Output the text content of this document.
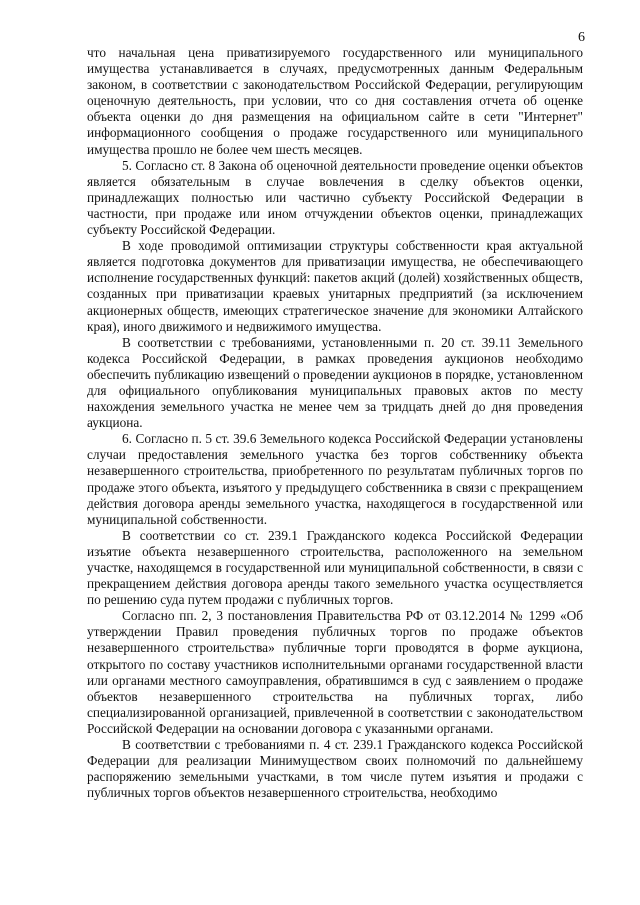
6

что начальная цена приватизируемого государственного или муниципального имущества устанавливается в случаях, предусмотренных данным Федеральным законом, в соответствии с законодательством Российской Федерации, регулирующим оценочную деятельность, при условии, что со дня составления отчета об оценке объекта оценки до дня размещения на официальном сайте в сети "Интернет" информационного сообщения о продаже государственного или муниципального имущества прошло не более чем шесть месяцев.

5. Согласно ст. 8 Закона об оценочной деятельности проведение оценки объектов является обязательным в случае вовлечения в сделку объектов оценки, принадлежащих полностью или частично субъекту Российской Федерации в частности, при продаже или ином отчуждении объектов оценки, принадлежащих субъекту Российской Федерации.

В ходе проводимой оптимизации структуры собственности края актуальной является подготовка документов для приватизации имущества, не обеспечивающего исполнение государственных функций: пакетов акций (долей) хозяйственных обществ, созданных при приватизации краевых унитарных предприятий (за исключением акционерных обществ, имеющих стратегическое значение для экономики Алтайского края), иного движимого и недвижимого имущества.

В соответствии с требованиями, установленными п. 20 ст. 39.11 Земельного кодекса Российской Федерации, в рамках проведения аукционов необходимо обеспечить публикацию извещений о проведении аукционов в порядке, установленном для официального опубликования муниципальных правовых актов по месту нахождения земельного участка не менее чем за тридцать дней до дня проведения аукциона.

6. Согласно п. 5 ст. 39.6 Земельного кодекса Российской Федерации установлены случаи предоставления земельного участка без торгов собственнику объекта незавершенного строительства, приобретенного по результатам публичных торгов по продаже этого объекта, изъятого у предыдущего собственника в связи с прекращением действия договора аренды земельного участка, находящегося в государственной или муниципальной собственности.

В соответствии со ст. 239.1 Гражданского кодекса Российской Федерации изъятие объекта незавершенного строительства, расположенного на земельном участке, находящемся в государственной или муниципальной собственности, в связи с прекращением действия договора аренды такого земельного участка осуществляется по решению суда путем продажи с публичных торгов.

Согласно пп. 2, 3 постановления Правительства РФ от 03.12.2014 № 1299 «Об утверждении Правил проведения публичных торгов по продаже объектов незавершенного строительства» публичные торги проводятся в форме аукциона, открытого по составу участников исполнительными органами государственной власти или органами местного самоуправления, обратившимся в суд с заявлением о продаже объектов незавершенного строительства на публичных торгах, либо специализированной организацией, привлеченной в соответствии с законодательством Российской Федерации на основании договора с указанными органами.

В соответствии с требованиями п. 4 ст. 239.1 Гражданского кодекса Российской Федерации для реализации Минимуществом своих полномочий по дальнейшему распоряжению земельными участками, в том числе путем изъятия и продажи с публичных торгов объектов незавершенного строительства, необходимо
